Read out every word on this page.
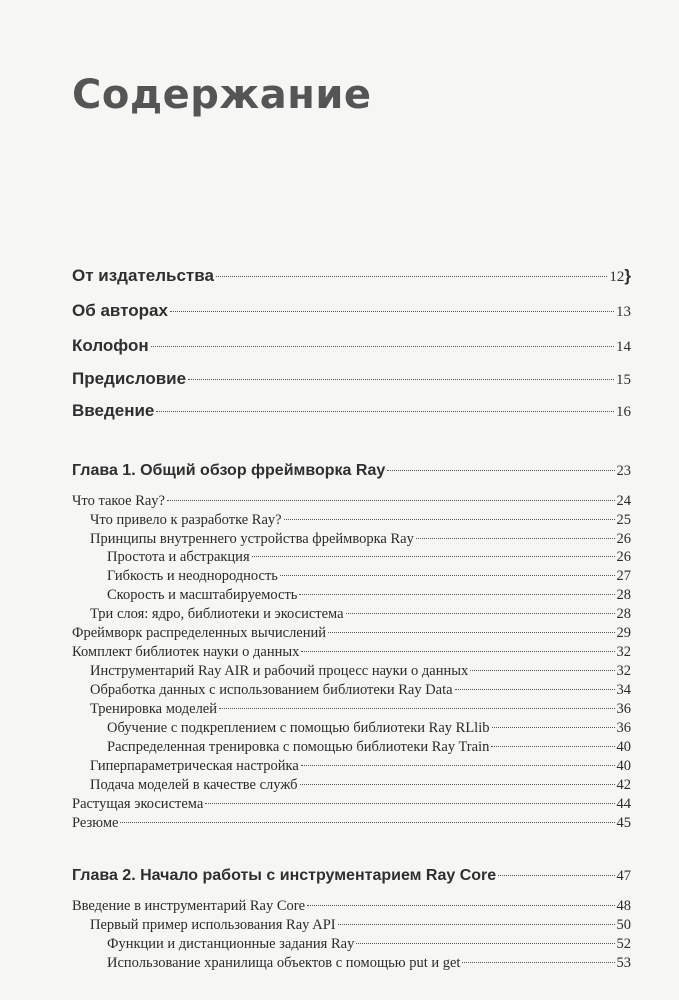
Содержание
От издательства	12 }
Об авторах	13
Колофон	14
Предисловие	15
Введение	16
Глава 1. Общий обзор фреймворка Ray	23
Что такое Ray?	24
Что привело к разработке Ray?	25
Принципы внутреннего устройства фреймворка Ray	26
Простота и абстракция	26
Гибкость и неоднородность	27
Скорость и масштабируемость	28
Три слоя: ядро, библиотеки и экосистема	28
Фреймворк распределенных вычислений	29
Комплект библиотек науки о данных	32
Инструментарий Ray AIR и рабочий процесс науки о данных	32
Обработка данных с использованием библиотеки Ray Data	34
Тренировка моделей	36
Обучение с подкреплением с помощью библиотеки Ray RLlib	36
Распределенная тренировка с помощью библиотеки Ray Train	40
Гиперпараметрическая настройка	40
Подача моделей в качестве служб	42
Растущая экосистема	44
Резюме	45
Глава 2. Начало работы с инструментарием Ray Core	47
Введение в инструментарий Ray Core	48
Первый пример использования Ray API	50
Функции и дистанционные задания Ray	52
Использование хранилища объектов с помощью put и get	53
